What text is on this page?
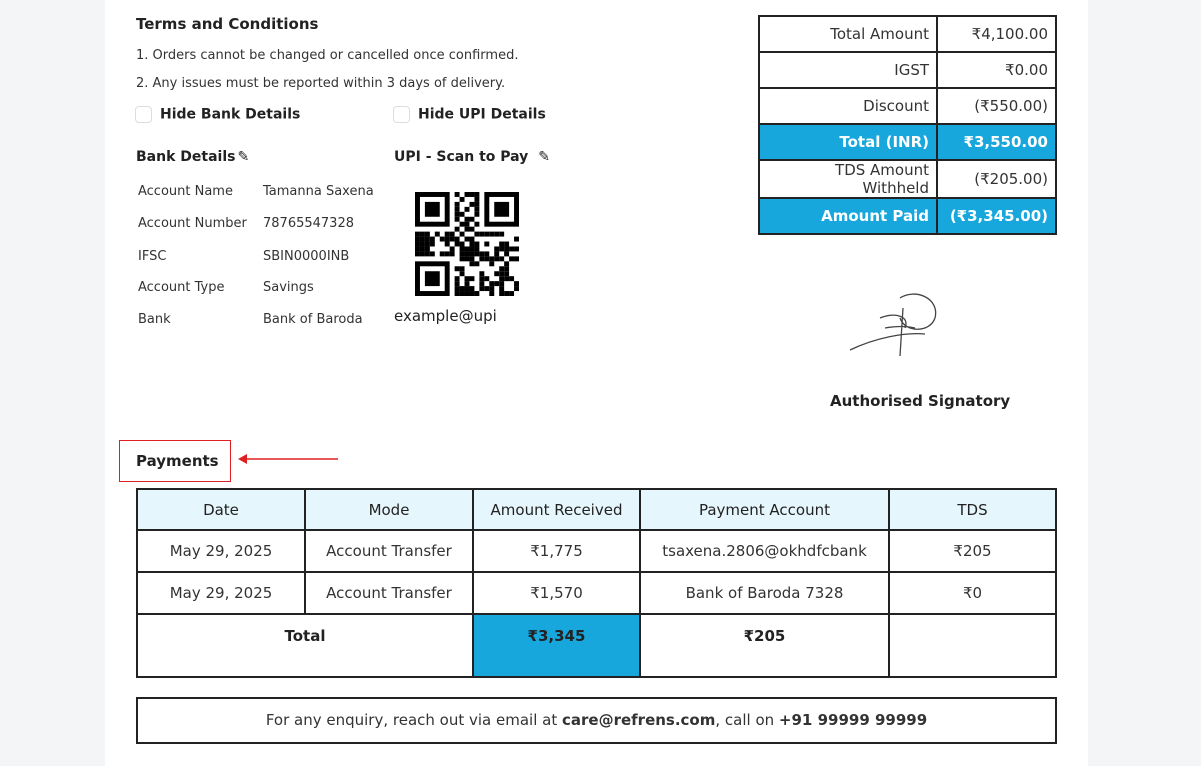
Terms and Conditions
1. Orders cannot be changed or cancelled once confirmed.
2. Any issues must be reported within 3 days of delivery.
Hide Bank Details	Hide UPI Details
Bank Details ✎	UPI - Scan to Pay ✎
Account Name Tamanna Saxena
Account Number 78765547328
IFSC	SBIN0000INB
Account Type	Savings
Bank	Bank of Baroda example@upi
Total Amount	₹4,100.00
IGST	₹0.00
Discount	(₹550.00)
Total (INR)	₹3,550.00
TDS Amount Withheld	(₹205.00)
Amount Paid	(₹3,345.00)
Authorised Signatory
Payments
Date	Mode	Amount Received	Payment Account	TDS
May 29, 2025	Account Transfer	₹1,775	tsaxena.2806@okhdfcbank	₹205
May 29, 2025	Account Transfer	₹1,570	Bank of Baroda 7328	₹0
Total		₹3,345	₹205	
For any enquiry, reach out via email at care@refrens.com, call on +91 99999 99999
